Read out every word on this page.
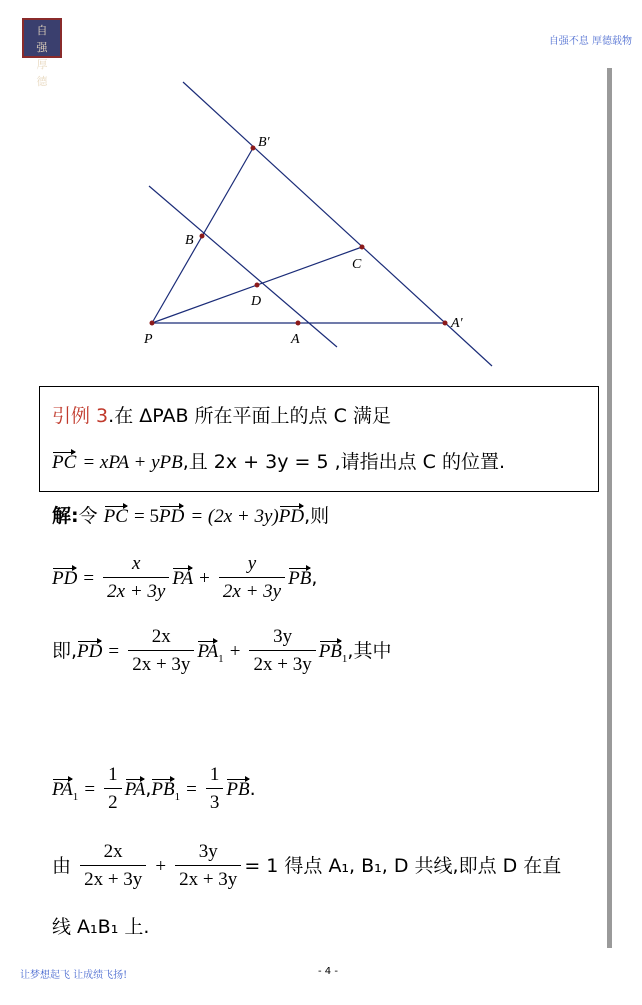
自
强
厚
德
自强不息 厚德载物
B′
B
C
D
P	A
A′
引例 3.在 ΔPAB 所在平面上的点 C 满足
PC = xPA + yPB,且 2x + 3y = 5 ,请指出点 C 的位置.
解:令 PC = 5PD = (2x + 3y)PD,则
PD = $\frac{x}{2x + 3y}$ PA + $\frac{y}{2x + 3y}$ PB,
即$,PD = \frac{2x}{2x + 3y} PA_1 + \frac{3y}{2x + 3y} PB_1$,其中
$PA_1 = \frac{1}{2} PA,PB_1 = \frac{1}{3}$ PB.
由 $\frac{2x}{2x + 3y} + \frac{3y}{2x + 3y} = 1$ 得点 A₁, B₁, D 共线,即点 D 在直
线 A₁B₁ 上.
让梦想起飞 让成绩飞扬!	- 4 -
